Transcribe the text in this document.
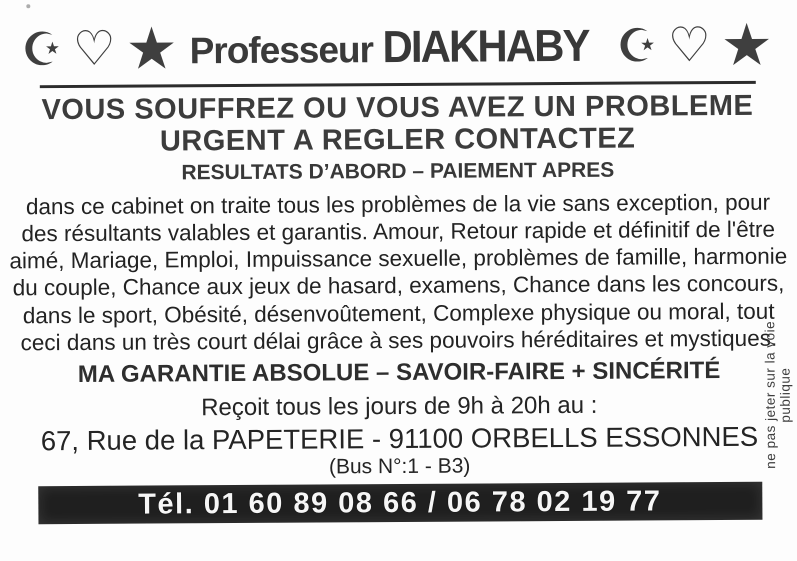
☪ ♡ ★ Professeur DIAKHABY ☪ ♡ ★
VOUS SOUFFREZ OU VOUS AVEZ UN PROBLEME
URGENT A REGLER CONTACTEZ
RESULTATS D’ABORD – PAIEMENT APRES
dans ce cabinet on traite tous les problèmes de la vie sans exception, pour
des résultants valables et garantis. Amour, Retour rapide et définitif de l'être
aimé, Mariage, Emploi, Impuissance sexuelle, problèmes de famille, harmonie
du couple, Chance aux jeux de hasard, examens, Chance dans les concours,
dans le sport, Obésité, désenvoûtement, Complexe physique ou moral, tout
ceci dans un très court délai grâce à ses pouvoirs héréditaires et mystiques.
MA GARANTIE ABSOLUE – SAVOIR-FAIRE + SINCÉRITÉ
Reçoit tous les jours de 9h à 20h au :
67, Rue de la PAPETERIE - 91100 ORBELLS ESSONNES
(Bus N°:1 - B3)
Tél. 01 60 89 08 66 / 06 78 02 19 77
ne pas jeter sur la voie publique
